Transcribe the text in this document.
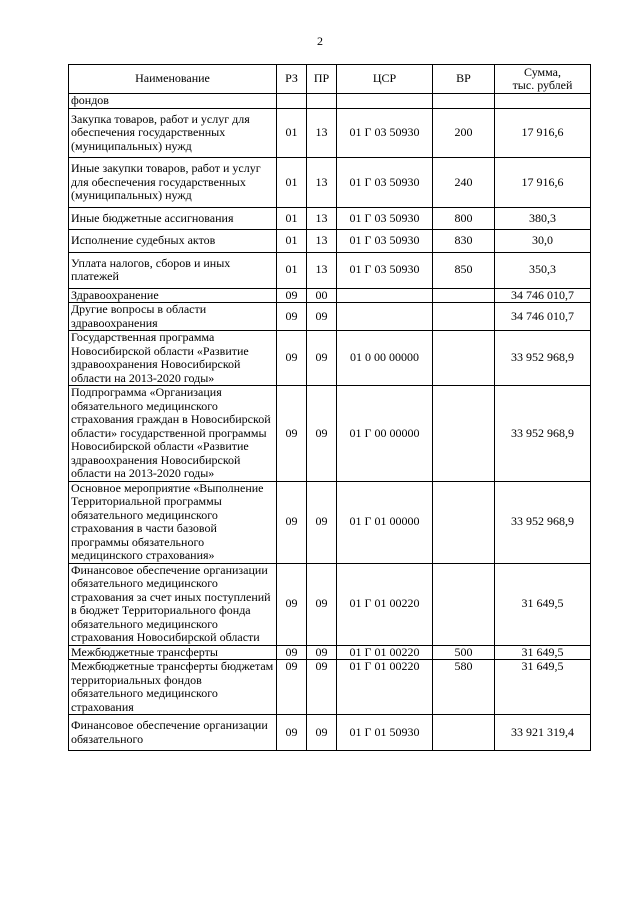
2
Наименование	РЗ	ПР	ЦСР	ВР	Сумма,
тыс. рублей
фондов					
Закупка товаров, работ и услуг для обеспечения государственных (муниципальных) нужд	01	13	01 Г 03 50930	200	17 916,6
Иные закупки товаров, работ и услуг для обеспечения государственных (муниципальных) нужд	01	13	01 Г 03 50930	240	17 916,6
Иные бюджетные ассигнования	01	13	01 Г 03 50930	800	380,3
Исполнение судебных актов	01	13	01 Г 03 50930	830	30,0
Уплата налогов, сборов и иных платежей	01	13	01 Г 03 50930	850	350,3
Здравоохранение	09	00			34 746 010,7
Другие вопросы в области здравоохранения	09	09			34 746 010,7
Государственная программа Новосибирской области «Развитие здравоохранения Новосибирской области на 2013-2020 годы»	09	09	01 0 00 00000		33 952 968,9
Подпрограмма «Организация обязательного медицинского страхования граждан в Новосибирской области» государственной программы Новосибирской области «Развитие здравоохранения Новосибирской области на 2013-2020 годы»	09	09	01 Г 00 00000		33 952 968,9
Основное мероприятие «Выполнение Территориальной программы обязательного медицинского страхования в части базовой программы обязательного медицинского страхования»	09	09	01 Г 01 00000		33 952 968,9
Финансовое обеспечение организации обязательного медицинского страхования за счет иных поступлений в бюджет Территориального фонда обязательного медицинского страхования Новосибирской области	09	09	01 Г 01 00220		31 649,5
Межбюджетные трансферты	09	09	01 Г 01 00220	500	31 649,5
Межбюджетные трансферты бюджетам территориальных фондов обязательного медицинского страхования	09	09	01 Г 01 00220	580	31 649,5
Финансовое обеспечение организации обязательного	09	09	01 Г 01 50930		33 921 319,4
